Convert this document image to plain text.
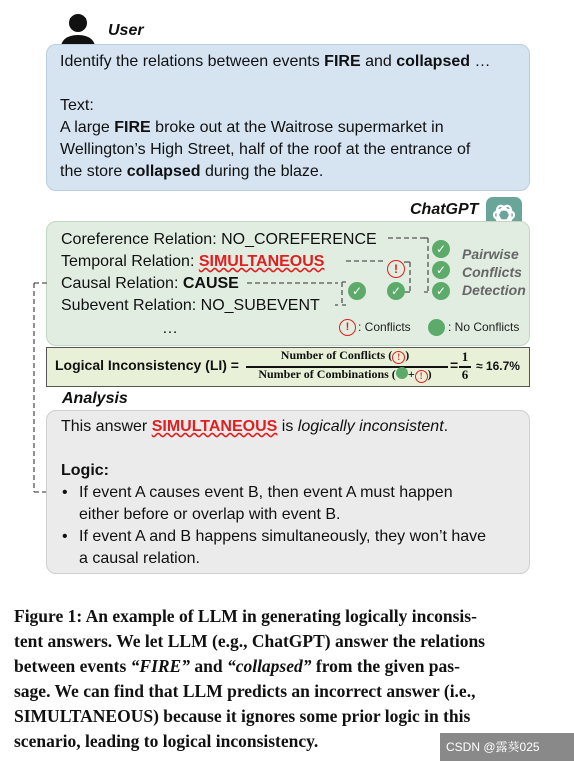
User
Identify the relations between events FIRE and collapsed …
Text:
A large FIRE broke out at the Waitrose supermarket in
Wellington’s High Street, half of the roof at the entrance of
the store collapsed during the blaze.
ChatGPT
Coreference Relation: NO_COREFERENCE
Temporal Relation: SIMULTANEOUS
Causal Relation: CAUSE
Subevent Relation: NO_SUBEVENT
…
✓
!
✓
✓
✓
✓
Pairwise
Conflicts
Detection
! : Conflicts	: No Conflicts
Logical Inconsistency (LI) =
Number of Conflicts ( ! )
Number of Combinations ( + ! )
=
1
6
≈ 16.7%
Analysis
This answer SIMULTANEOUS is logically inconsistent.
Logic:
• If event A causes event B, then event A must happen
either before or overlap with event B.
• If event A and B happens simultaneously, they won’t have
a causal relation.
Figure 1: An example of LLM in generating logically inconsis-
tent answers. We let LLM (e.g., ChatGPT) answer the relations
between events “FIRE” and “collapsed” from the given pas-
sage. We can find that LLM predicts an incorrect answer (i.e.,
SIMULTANEOUS) because it ignores some prior logic in this
scenario, leading to logical inconsistency.	CSDN @露葵025
